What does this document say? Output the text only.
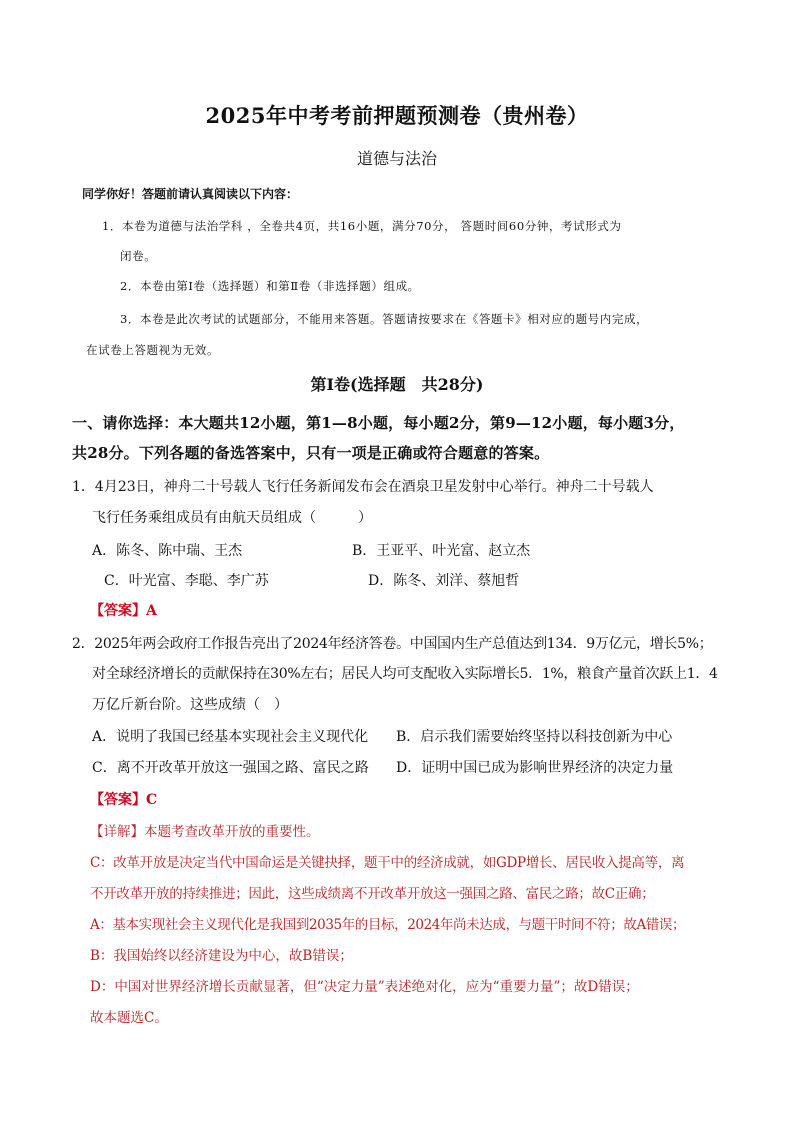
2025年中考考前押题预测卷（贵州卷）
道德与法治
同学你好！答题前请认真阅读以下内容：
1．本卷为道德与法治学科 ，全卷共4页，共16小题，满分70分， 答题时间60分钟，考试形式为
闭卷。
2．本卷由第Ⅰ卷（选择题）和第Ⅱ卷（非选择题）组成。
3．本卷是此次考试的试题部分，不能用来答题。答题请按要求在《答题卡》相对应的题号内完成，
在试卷上答题视为无效。
第Ⅰ卷(选择题　共28分)
一、请你选择：本大题共12小题，第1—8小题，每小题2分，第9—12小题，每小题3分，
共28分。下列各题的备选答案中，只有一项是正确或符合题意的答案。
1．4月23日，神舟二十号载人飞行任务新闻发布会在酒泉卫星发射中心举行。神舟二十号载人
飞行任务乘组成员有由航天员组成（　　　）
A．陈冬、陈中瑞、王杰	B．王亚平、叶光富、赵立杰
C．叶光富、李聪、李广苏	D．陈冬、刘洋、蔡旭哲
【答案】A
2．2025年两会政府工作报告亮出了2024年经济答卷。中国国内生产总值达到134．9万亿元，增长5%；
对全球经济增长的贡献保持在30%左右；居民人均可支配收入实际增长5．1%，粮食产量首次跃上1．4
万亿斤新台阶。这些成绩（　）
A．说明了我国已经基本实现社会主义现代化 B．启示我们需要始终坚持以科技创新为中心
C．离不开改革开放这一强国之路、富民之路 D．证明中国已成为影响世界经济的决定力量
【答案】C
【详解】本题考查改革开放的重要性。
C：改革开放是决定当代中国命运是关键抉择，题干中的经济成就，如GDP增长、居民收入提高等，离
不开改革开放的持续推进；因此，这些成绩离不开改革开放这一强国之路、富民之路；故C正确；
A：基本实现社会主义现代化是我国到2035年的目标，2024年尚未达成，与题干时间不符；故A错误；
B：我国始终以经济建设为中心，故B错误；
D：中国对世界经济增长贡献显著，但“决定力量”表述绝对化，应为“重要力量”；故D错误；
故本题选C。
